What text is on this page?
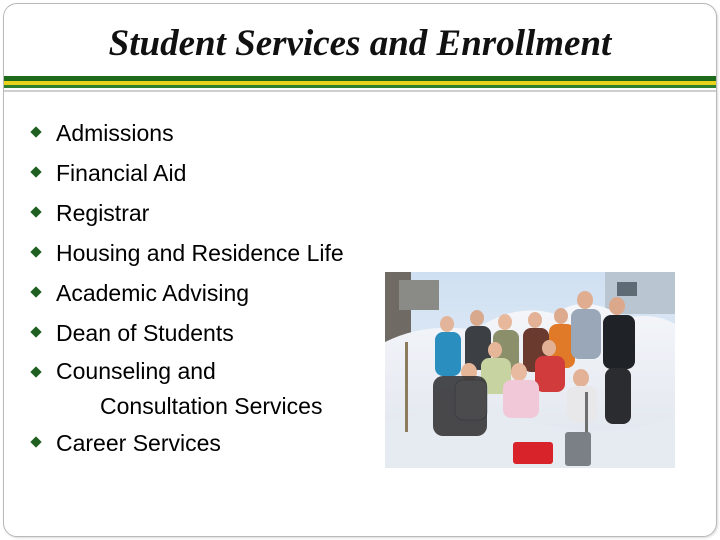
Student Services and Enrollment
Admissions
Financial Aid
Registrar
Housing and Residence Life
Academic Advising
Dean of Students
Counseling and
Consultation Services
Career Services
